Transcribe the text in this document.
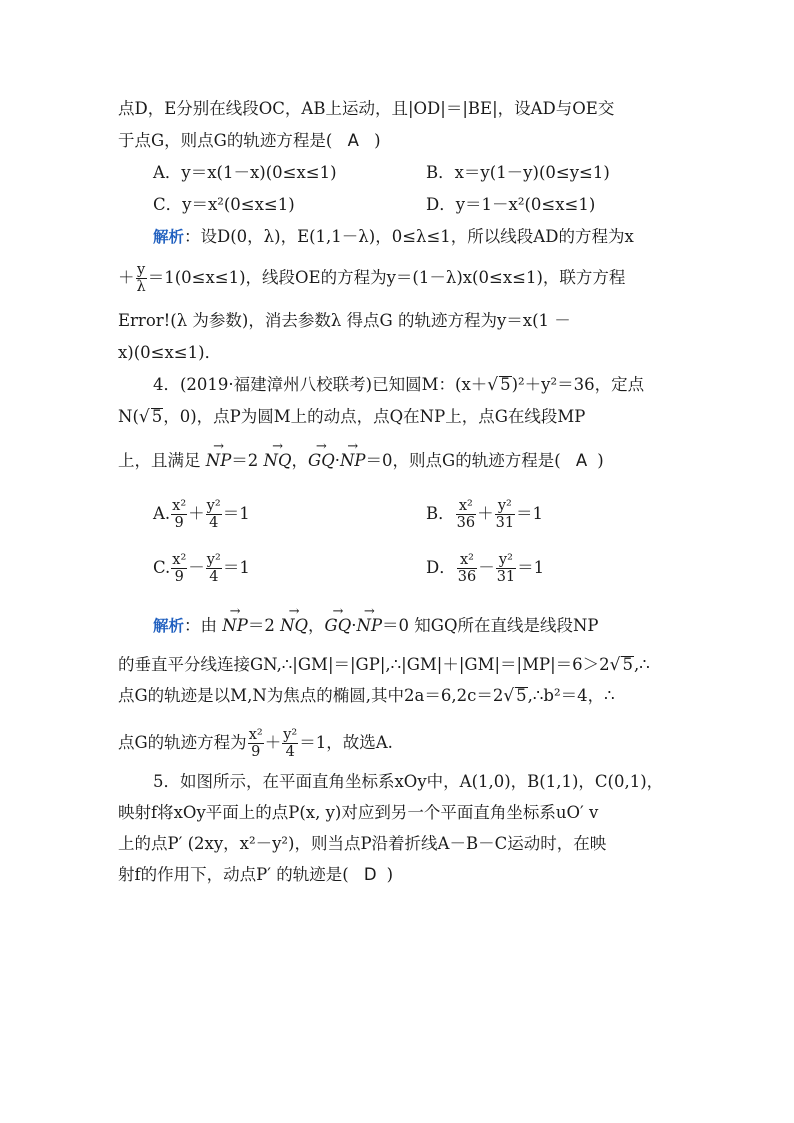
点D，E分别在线段OC，AB上运动，且|OD|＝|BE|，设AD与OE交
于点G，则点G的轨迹方程是( A )
A．y＝x(1－x)(0≤x≤1)	B．x＝y(1－y)(0≤y≤1)
C．y＝x²(0≤x≤1)	D．y＝1－x²(0≤x≤1)
解析：设D(0，λ)，E(1,1－λ)，0≤λ≤1，所以线段AD的方程为x
＋ $\frac{y}{\lambda} =1(0\le x\le 1)$，线段OE的方程为y＝(1－λ)x(0≤x≤1)，联方方程
Error!(λ 为参数)，消去参数λ 得点G 的轨迹方程为y＝x(1 －
x)(0≤x≤1)．
4．(2019·福建漳州八校联考)已知圆M：(x＋√ 5)²＋y²＝36，定点
N(√ 5，0)，点P为圆M上的动点，点Q在NP上，点G在线段MP
上，且满足 → NP＝2 → NQ，→ GQ·→ NP＝0，则点G的轨迹方程是( A )
A. $\frac{\text{x²}}{9} + \frac{\text{y²}}{4} =1$	B． $\frac{\text{x²}}{36} + \frac{\text{y²}}{31} =1$
C. $\frac{\text{x²}}{9} - \frac{\text{y²}}{4} =1$	D． $\frac{\text{x²}}{36} - \frac{\text{y²}}{31} =1$
解析：由 → NP＝2 → NQ，→ GQ·→ NP＝0 知GQ所在直线是线段NP
的垂直平分线连接GN,∴|GM|＝|GP|,∴|GM|＋|GM|＝|MP|＝6＞2√ 5,∴
点G的轨迹是以M,N为焦点的椭圆,其中2a＝6,2c＝2√ 5,∴b²＝4，∴
点G的轨迹方程为 $\frac{\text{x²}}{9} + \frac{\text{y²}}{4} =1$，故选A.
5．如图所示，在平面直角坐标系xOy中，A(1,0)，B(1,1)，C(0,1)，
映射f将xOy平面上的点P(x, y)对应到另一个平面直角坐标系uO′ v
上的点P′ (2xy，x²－y²)，则当点P沿着折线A－B－C运动时，在映
射f的作用下，动点P′ 的轨迹是( D )
